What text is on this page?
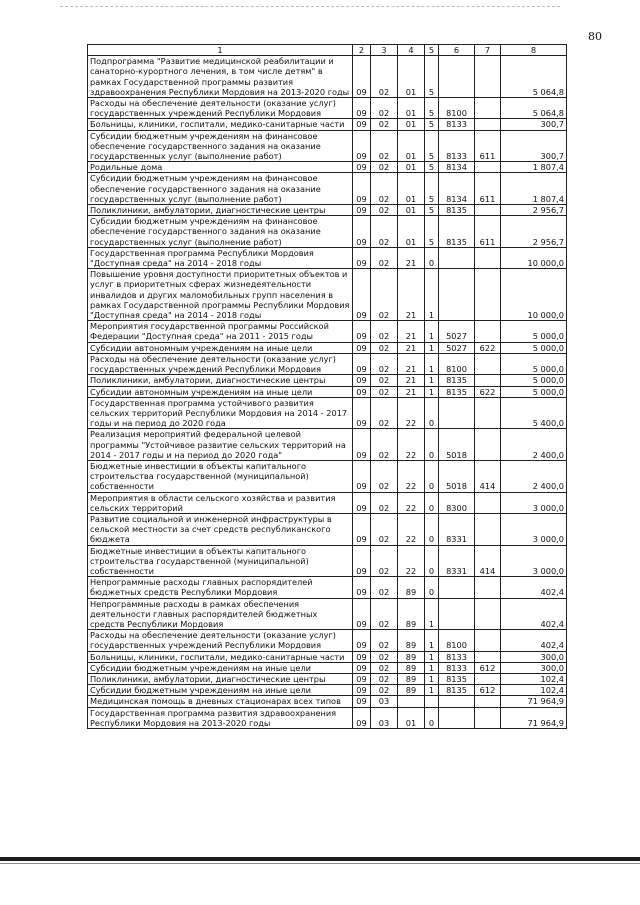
80
1	2	3	4	5	6	7	8
Подпрограмма "Развитие медицинской реабилитации и санаторно-курортного лечения, в том числе детям" в рамках Государственной программы развития здравоохранения Республики Мордовия на 2013-2020 годы	09	02	01	5			5 064,8
Расходы на обеспечение деятельности (оказание услуг) государственных учреждений Республики Мордовия	09	02	01	5	8100		5 064,8
Больницы, клиники, госпитали, медико-санитарные части	09	02	01	5	8133		300,7
Субсидии бюджетным учреждениям на финансовое обеспечение государственного задания на оказание государственных услуг (выполнение работ)	09	02	01	5	8133	611	300,7
Родильные дома	09	02	01	5	8134		1 807,4
Субсидии бюджетным учреждениям на финансовое обеспечение государственного задания на оказание государственных услуг (выполнение работ)	09	02	01	5	8134	611	1 807,4
Поликлиники, амбулатории, диагностические центры	09	02	01	5	8135		2 956,7
Субсидии бюджетным учреждениям на финансовое обеспечение государственного задания на оказание государственных услуг (выполнение работ)	09	02	01	5	8135	611	2 956,7
Государственная программа Республики Мордовия "Доступная среда" на 2014 - 2018 годы	09	02	21	0			10 000,0
Повышение уровня доступности приоритетных объектов и услуг в приоритетных сферах жизнедеятельности инвалидов и других маломобильных групп населения в рамках Государственной программы Республики Мордовия "Доступная среда" на 2014 - 2018 годы	09	02	21	1			10 000,0
Мероприятия государственной программы Российской Федерации "Доступная среда" на 2011 - 2015 годы	09	02	21	1	5027		5 000,0
Субсидии автономным учреждениям на иные цели	09	02	21	1	5027	622	5 000,0
Расходы на обеспечение деятельности (оказание услуг) государственных учреждений Республики Мордовия	09	02	21	1	8100		5 000,0
Поликлиники, амбулатории, диагностические центры	09	02	21	1	8135		5 000,0
Субсидии автономным учреждениям на иные цели	09	02	21	1	8135	622	5 000,0
Государственная программа устойчивого развития сельских территорий Республики Мордовия на 2014 - 2017 годы и на период до 2020 года	09	02	22	0			5 400,0
Реализация мероприятий федеральной целевой программы "Устойчивое развитие сельских территорий на 2014 - 2017 годы и на период до 2020 года"	09	02	22	0	5018		2 400,0
Бюджетные инвестиции в объекты капитального строительства государственной (муниципальной) собственности	09	02	22	0	5018	414	2 400,0
Мероприятия в области сельского хозяйства и развития сельских территорий	09	02	22	0	8300		3 000,0
Развитие социальной и инженерной инфраструктуры в сельской местности за счет средств республиканского бюджета	09	02	22	0	8331		3 000,0
Бюджетные инвестиции в объекты капитального строительства государственной (муниципальной) собственности	09	02	22	0	8331	414	3 000,0
Непрограммные расходы главных распорядителей бюджетных средств Республики Мордовия	09	02	89	0			402,4
Непрограммные расходы в рамках обеспечения деятельности главных распорядителей бюджетных средств Республики Мордовия	09	02	89	1			402,4
Расходы на обеспечение деятельности (оказание услуг) государственных учреждений Республики Мордовия	09	02	89	1	8100		402,4
Больницы, клиники, госпитали, медико-санитарные части	09	02	89	1	8133		300,0
Субсидии бюджетным учреждениям на иные цели	09	02	89	1	8133	612	300,0
Поликлиники, амбулатории, диагностические центры	09	02	89	1	8135		102,4
Субсидии бюджетным учреждениям на иные цели	09	02	89	1	8135	612	102,4
Медицинская помощь в дневных стационарах всех типов	09	03					71 964,9
Государственная программа развития здравоохранения Республики Мордовия на 2013-2020 годы	09	03	01	0			71 964,9
